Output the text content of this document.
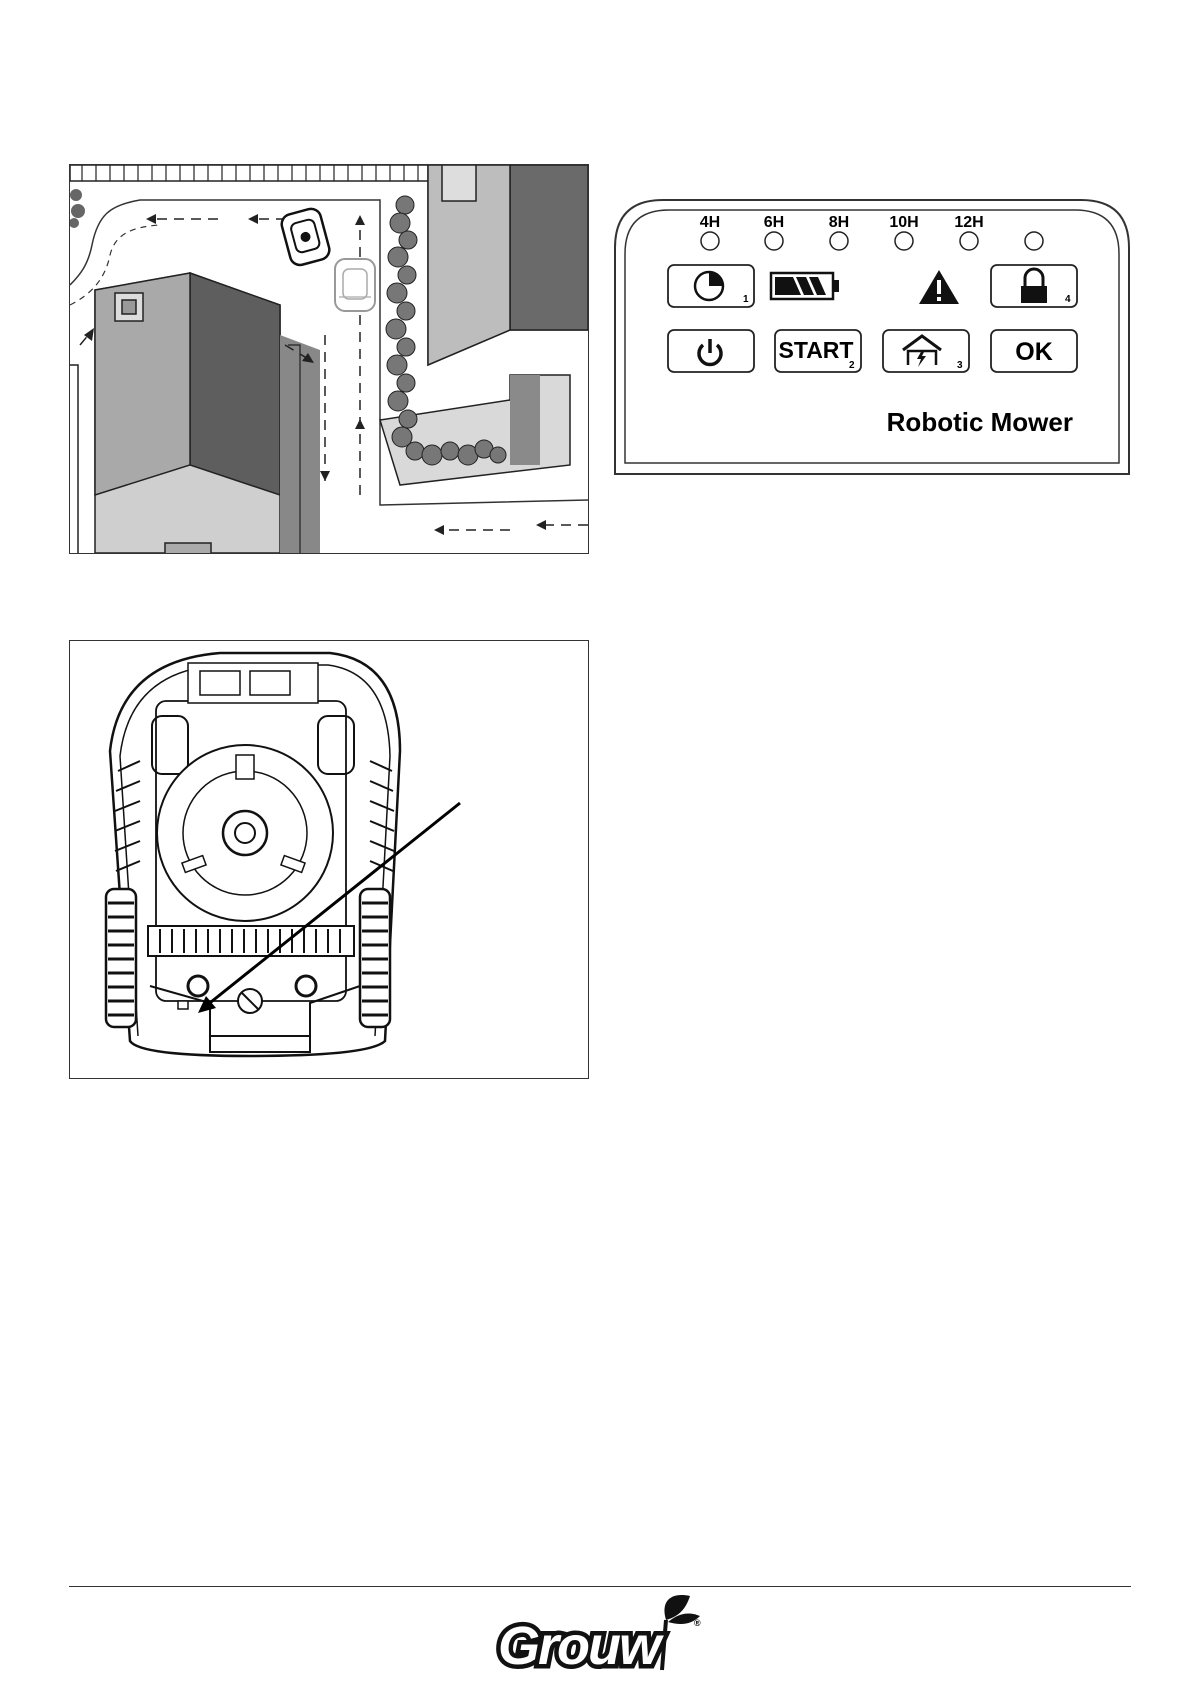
4H	6H	8H	10H 12H
1	4
START
2	3 OK
Robotic Mower
Grouw	®
